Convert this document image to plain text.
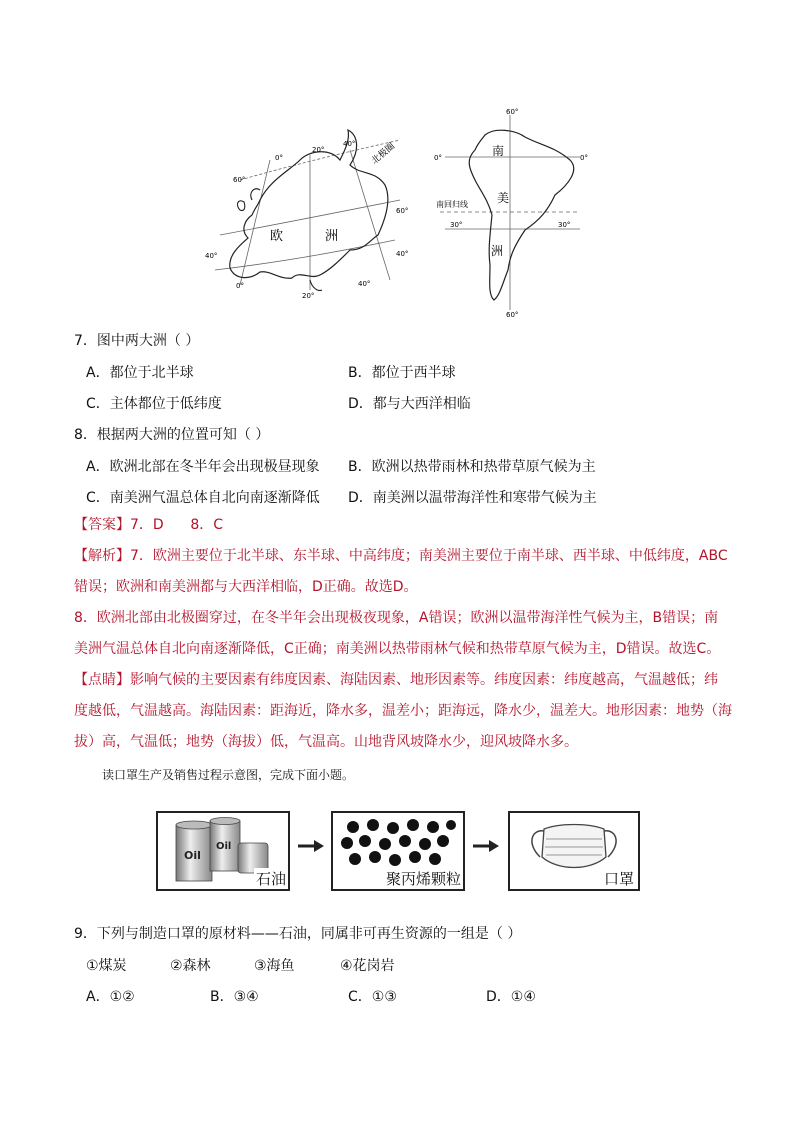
欧	洲
北极圈
0°
20°
40°
60°
60°
40°	40°
0°
20°
40°
南
美
洲
南回归线
60°
0°	0°
30°	30°
60°
7．图中两大洲（ ）
A．都位于北半球	B．都位于西半球
C．主体都位于低纬度	D．都与大西洋相临
8．根据两大洲的位置可知（ ）
A．欧洲北部在冬半年会出现极昼现象 B．欧洲以热带雨林和热带草原气候为主
C．南美洲气温总体自北向南逐渐降低 D．南美洲以温带海洋性和寒带气候为主
【答案】7．D      8．C
【解析】7．欧洲主要位于北半球、东半球、中高纬度；南美洲主要位于南半球、西半球、中低纬度，ABC
错误；欧洲和南美洲都与大西洋相临，D正确。故选D。
8．欧洲北部由北极圈穿过，在冬半年会出现极夜现象，A错误；欧洲以温带海洋性气候为主，B错误；南
美洲气温总体自北向南逐渐降低，C正确；南美洲以热带雨林气候和热带草原气候为主，D错误。故选C。
【点睛】影响气候的主要因素有纬度因素、海陆因素、地形因素等。纬度因素：纬度越高，气温越低；纬
度越低，气温越高。海陆因素：距海近，降水多，温差小；距海远，降水少，温差大。地形因素：地势（海
拔）高，气温低；地势（海拔）低，气温高。山地背风坡降水少，迎风坡降水多。
读口罩生产及销售过程示意图，完成下面小题。
Oil
Oil
石油	聚丙烯颗粒	口罩
9．下列与制造口罩的原材料——石油，同属非可再生资源的一组是（ ）
①煤炭	②森林	③海鱼	④花岗岩
A．①②	B．③④	C．①③	D．①④
